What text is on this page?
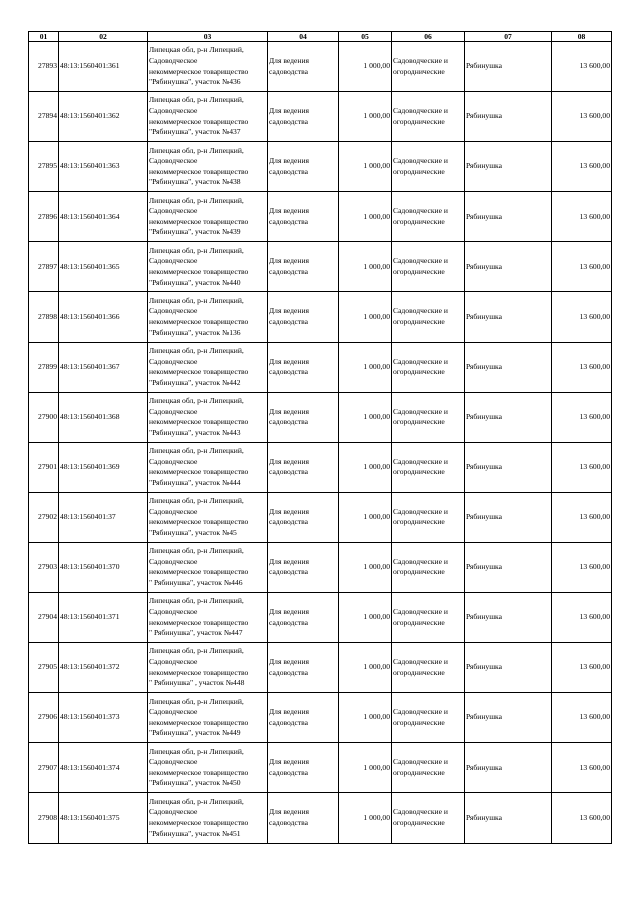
01	02	03	04	05	06	07	08
27893	48:13:1560401:361	Липецкая обл, р-н Липецкий,
Садоводческое
некоммерческое товарищество
"Рябинушка", участок №436	Для ведения
садоводства	1 000,00	Садоводческие и
огороднические	Рябинушка	13 600,00
27894	48:13:1560401:362	Липецкая обл, р-н Липецкий,
Садоводческое
некоммерческое товарищество
"Рябинушка", участок №437	Для ведения
садоводства	1 000,00	Садоводческие и
огороднические	Рябинушка	13 600,00
27895	48:13:1560401:363	Липецкая обл, р-н Липецкий,
Садоводческое
некоммерческое товарищество
"Рябинушка", участок №438	Для ведения
садоводства	1 000,00	Садоводческие и
огороднические	Рябинушка	13 600,00
27896	48:13:1560401:364	Липецкая обл, р-н Липецкий,
Садоводческое
некоммерческое товарищество
"Рябинушка", участок №439	Для ведения
садоводства	1 000,00	Садоводческие и
огороднические	Рябинушка	13 600,00
27897	48:13:1560401:365	Липецкая обл, р-н Липецкий,
Садоводческое
некоммерческое товарищество
"Рябинушка", участок №440	Для ведения
садоводства	1 000,00	Садоводческие и
огороднические	Рябинушка	13 600,00
27898	48:13:1560401:366	Липецкая обл, р-н Липецкий,
Садоводческое
некоммерческое товарищество
"Рябинушка", участок №136	Для ведения
садоводства	1 000,00	Садоводческие и
огороднические	Рябинушка	13 600,00
27899	48:13:1560401:367	Липецкая обл, р-н Липецкий,
Садоводческое
некоммерческое товарищество
"Рябинушка", участок №442	Для ведения
садоводства	1 000,00	Садоводческие и
огороднические	Рябинушка	13 600,00
27900	48:13:1560401:368	Липецкая обл, р-н Липецкий,
Садоводческое
некоммерческое товарищество
"Рябинушка", участок №443	Для ведения
садоводства	1 000,00	Садоводческие и
огороднические	Рябинушка	13 600,00
27901	48:13:1560401:369	Липецкая обл, р-н Липецкий,
Садоводческое
некоммерческое товарищество
"Рябинушка", участок №444	Для ведения
садоводства	1 000,00	Садоводческие и
огороднические	Рябинушка	13 600,00
27902	48:13:1560401:37	Липецкая обл, р-н Липецкий,
Садоводческое
некоммерческое товарищество
"Рябинушка", участок №45	Для ведения
садоводства	1 000,00	Садоводческие и
огороднические	Рябинушка	13 600,00
27903	48:13:1560401:370	Липецкая обл, р-н Липецкий,
Садоводческое
некоммерческое товарищество
" Рябинушка", участок №446	Для ведения
садоводства	1 000,00	Садоводческие и
огороднические	Рябинушка	13 600,00
27904	48:13:1560401:371	Липецкая обл, р-н Липецкий,
Садоводческое
некоммерческое товарищество
" Рябинушка", участок №447	Для ведения
садоводства	1 000,00	Садоводческие и
огороднические	Рябинушка	13 600,00
27905	48:13:1560401:372	Липецкая обл, р-н Липецкий,
Садоводческое
некоммерческое товарищество
" Рябинушка" , участок №448	Для ведения
садоводства	1 000,00	Садоводческие и
огороднические	Рябинушка	13 600,00
27906	48:13:1560401:373	Липецкая обл, р-н Липецкий,
Садоводческое
некоммерческое товарищество
"Рябинушка", участок №449	Для ведения
садоводства	1 000,00	Садоводческие и
огороднические	Рябинушка	13 600,00
27907	48:13:1560401:374	Липецкая обл, р-н Липецкий,
Садоводческое
некоммерческое товарищество
"Рябинушка", участок №450	Для ведения
садоводства	1 000,00	Садоводческие и
огороднические	Рябинушка	13 600,00
27908	48:13:1560401:375	Липецкая обл, р-н Липецкий,
Садоводческое
некоммерческое товарищество
"Рябинушка", участок №451	Для ведения
садоводства	1 000,00	Садоводческие и
огороднические	Рябинушка	13 600,00
